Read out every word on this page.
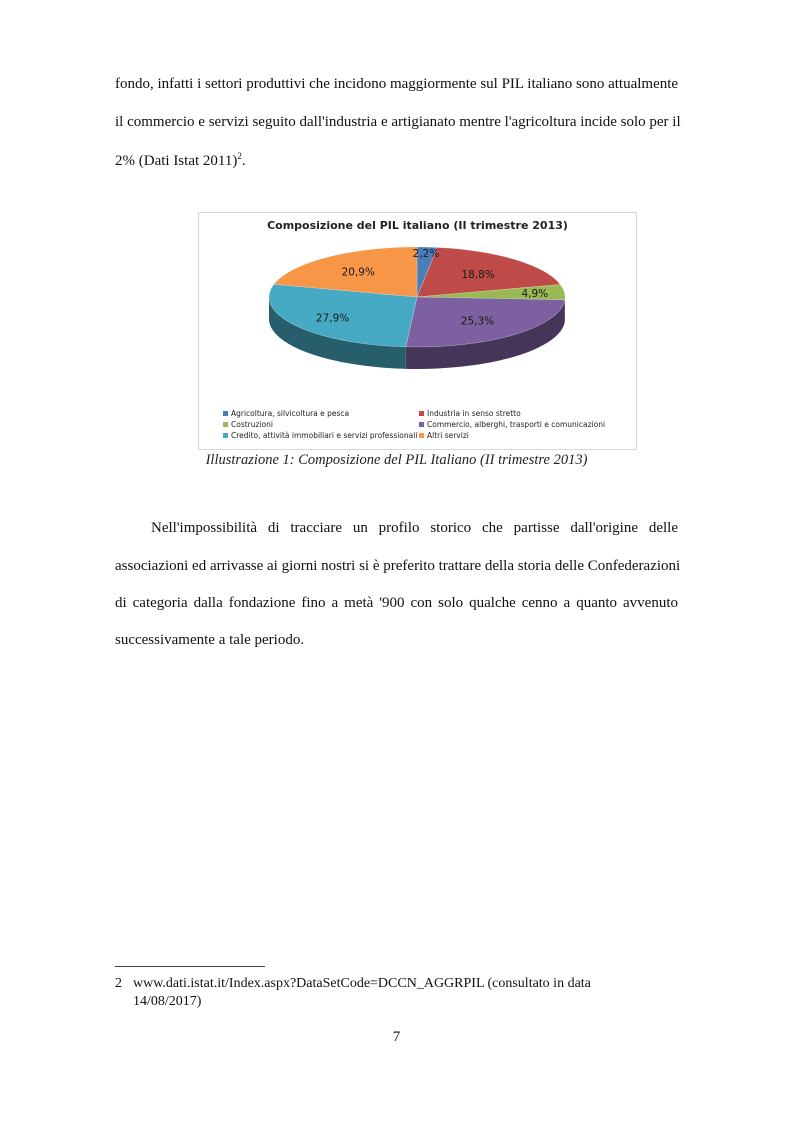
fondo, infatti i settori produttivi che incidono maggiormente sul PIL italiano sono attualmente
il commercio e servizi seguito dall'industria e artigianato mentre l'agricoltura incide solo per il
2% (Dati Istat 2011)$^2$.
Composizione del PIL italiano (II trimestre 2013)
2,2%
18,8%
4,9%
25,3%
27,9%
20,9%
Agricoltura, silvicoltura e pesca	Industria in senso stretto
Costruzioni	Commercio, alberghi, trasporti e comunicazioni
Credito, attività immobiliari e servizi professionali	Altri servizi
Illustrazione 1: Composizione del PIL Italiano (II trimestre 2013)
Nell'impossibilità di tracciare un profilo storico che partisse dall'origine delle
associazioni ed arrivasse ai giorni nostri si è preferito trattare della storia delle Confederazioni
di categoria dalla fondazione fino a metà '900 con solo qualche cenno a quanto avvenuto
successivamente a tale periodo.
2 www.dati.istat.it/Index.aspx?DataSetCode=DCCN_AGGRPIL (consultato in data
14/08/2017)
7
